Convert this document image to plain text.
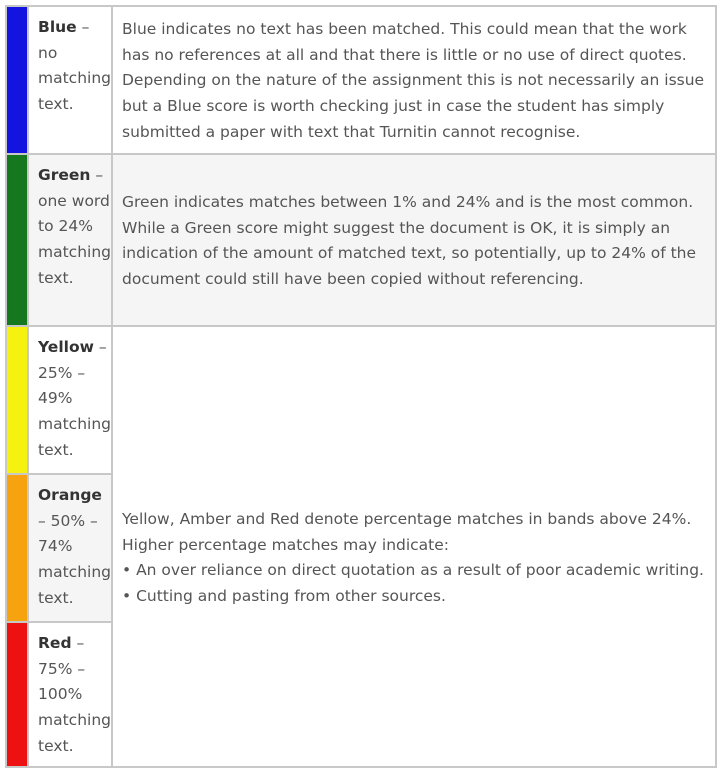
Blue – no matching text.
Blue indicates no text has been matched. This could mean that the work has no references at all and that there is little or no use of direct quotes. Depending on the nature of the assignment this is not necessarily an issue but a Blue score is worth checking just in case the student has simply submitted a paper with text that Turnitin cannot recognise.
Green – one word to 24% matching text.
Green indicates matches between 1% and 24% and is the most common. While a Green score might suggest the document is OK, it is simply an indication of the amount of matched text, so potentially, up to 24% of the document could still have been copied without referencing.
Yellow – 25% – 49% matching text.
Orange – 50% – 74% matching text.
Red – 75% – 100% matching text.
Yellow, Amber and Red denote percentage matches in bands above 24%. Higher percentage matches may indicate:
• An over reliance on direct quotation as a result of poor academic writing.
• Cutting and pasting from other sources.
